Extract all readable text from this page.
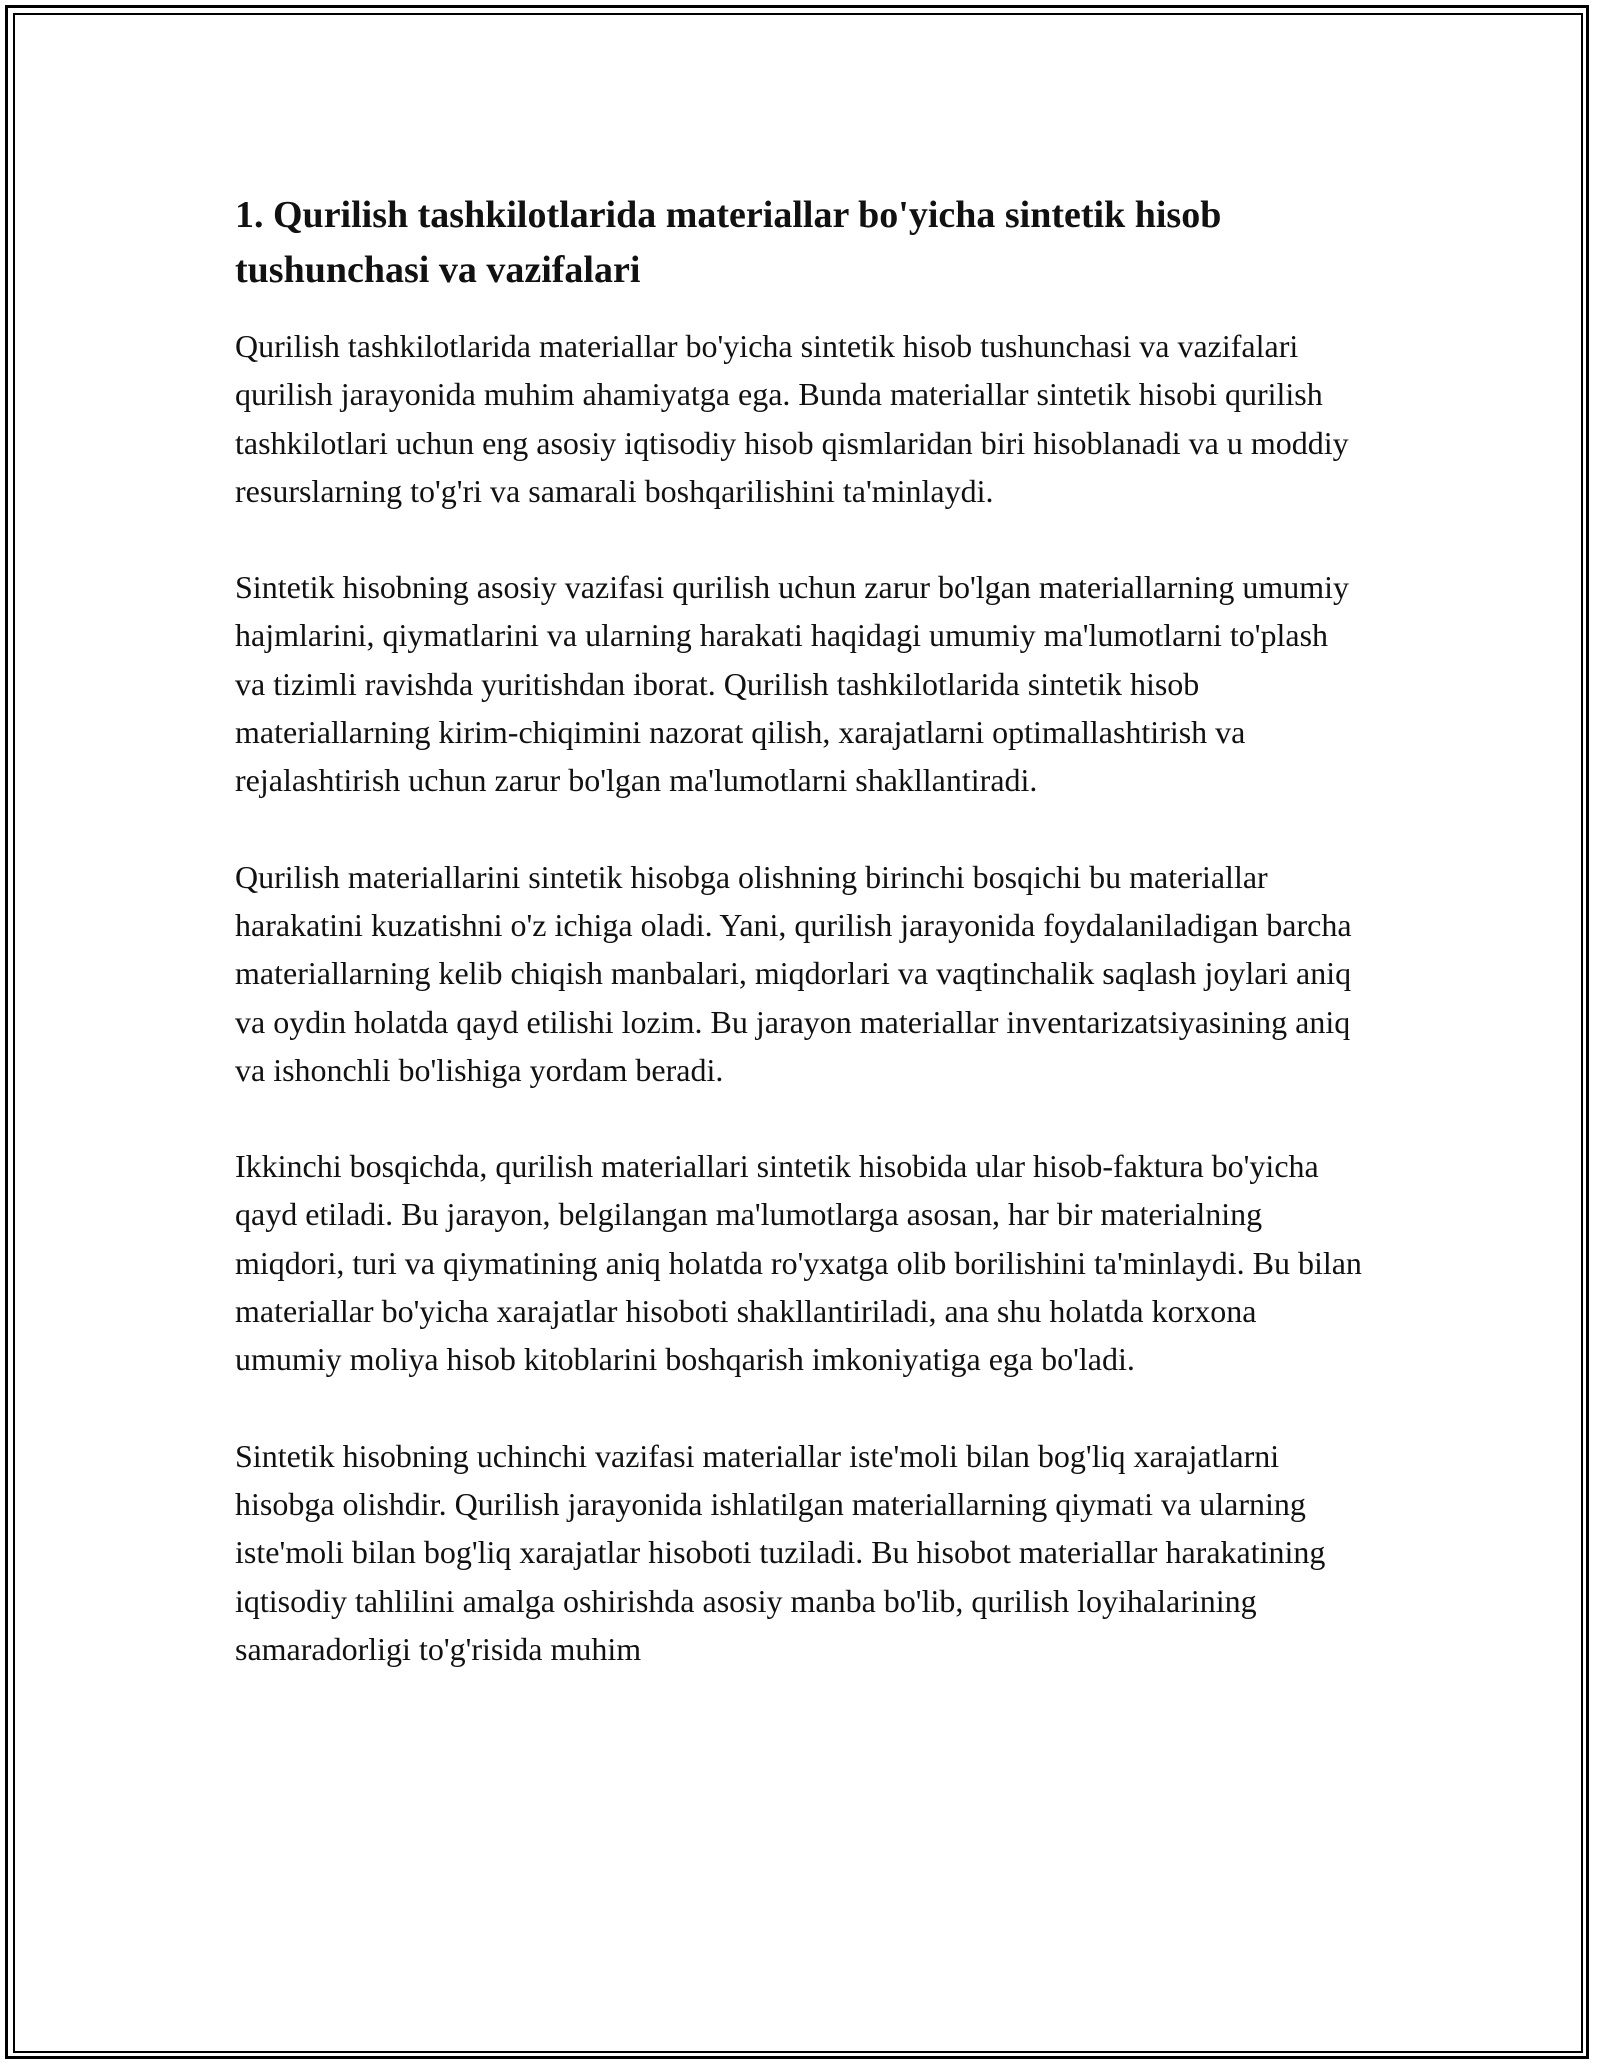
1. Qurilish tashkilotlarida materiallar bo'yicha sintetik hisob tushunchasi va vazifalari

Qurilish tashkilotlarida materiallar bo'yicha sintetik hisob tushunchasi va vazifalari qurilish jarayonida muhim ahamiyatga ega. Bunda materiallar sintetik hisobi qurilish tashkilotlari uchun eng asosiy iqtisodiy hisob qismlaridan biri hisoblanadi va u moddiy resurslarning to'g'ri va samarali boshqarilishini ta'minlaydi.

Sintetik hisobning asosiy vazifasi qurilish uchun zarur bo'lgan materiallarning umumiy hajmlarini, qiymatlarini va ularning harakati haqidagi umumiy ma'lumotlarni to'plash va tizimli ravishda yuritishdan iborat. Qurilish tashkilotlarida sintetik hisob materiallarning kirim-chiqimini nazorat qilish, xarajatlarni optimallashtirish va rejalashtirish uchun zarur bo'lgan ma'lumotlarni shakllantiradi.

Qurilish materiallarini sintetik hisobga olishning birinchi bosqichi bu materiallar harakatini kuzatishni o'z ichiga oladi. Yani, qurilish jarayonida foydalaniladigan barcha materiallarning kelib chiqish manbalari, miqdorlari va vaqtinchalik saqlash joylari aniq va oydin holatda qayd etilishi lozim. Bu jarayon materiallar inventarizatsiyasining aniq va ishonchli bo'lishiga yordam beradi.

Ikkinchi bosqichda, qurilish materiallari sintetik hisobida ular hisob-faktura bo'yicha qayd etiladi. Bu jarayon, belgilangan ma'lumotlarga asosan, har bir materialning miqdori, turi va qiymatining aniq holatda ro'yxatga olib borilishini ta'minlaydi. Bu bilan materiallar bo'yicha xarajatlar hisoboti shakllantiriladi, ana shu holatda korxona umumiy moliya hisob kitoblarini boshqarish imkoniyatiga ega bo'ladi.

Sintetik hisobning uchinchi vazifasi materiallar iste'moli bilan bog'liq xarajatlarni hisobga olishdir. Qurilish jarayonida ishlatilgan materiallarning qiymati va ularning iste'moli bilan bog'liq xarajatlar hisoboti tuziladi. Bu hisobot materiallar harakatining iqtisodiy tahlilini amalga oshirishda asosiy manba bo'lib, qurilish loyihalarining samaradorligi to'g'risida muhim
